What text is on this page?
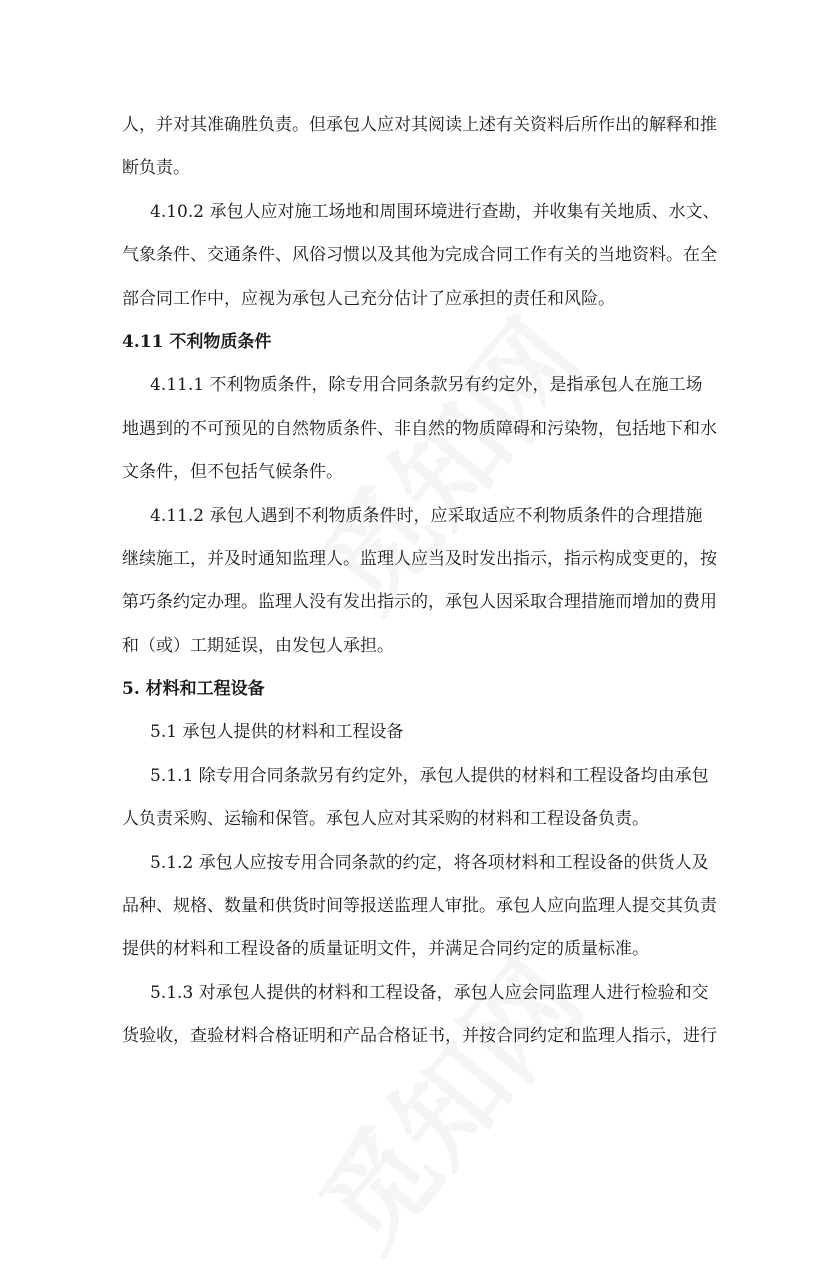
人，并对其准确胜负责。但承包人应对其阅读上述有关资料后所作出的解释和推
断负责。
4.10.2 承包人应对施工场地和周围环境进行查勘，并收集有关地质、水文、
气象条件、交通条件、风俗习惯以及其他为完成合同工作有关的当地资料。在全
部合同工作中，应视为承包人己充分估计了应承担的责任和风险。
4.11 不利物质条件
4.11.1 不利物质条件，除专用合同条款另有约定外，是指承包人在施工场
地遇到的不可预见的自然物质条件、非自然的物质障碍和污染物，包括地下和水
文条件，但不包括气候条件。
4.11.2 承包人遇到不利物质条件时，应采取适应不利物质条件的合理措施
继续施工，并及时通知监理人。监理人应当及时发出指示，指示构成变更的，按
第巧条约定办理。监理人没有发出指示的，承包人因采取合理措施而增加的费用
和（或）工期延误，由发包人承担。
5. 材料和工程设备
5.1 承包人提供的材料和工程设备
5.1.1 除专用合同条款另有约定外，承包人提供的材料和工程设备均由承包
人负责采购、运输和保管。承包人应对其采购的材料和工程设备负责。
5.1.2 承包人应按专用合同条款的约定，将各项材料和工程设备的供货人及
品种、规格、数量和供货时间等报送监理人审批。承包人应向监理人提交其负责
提供的材料和工程设备的质量证明文件，并满足合同约定的质量标准。
5.1.3 对承包人提供的材料和工程设备，承包人应会同监理人进行检验和交
货验收，查验材料合格证明和产品合格证书，并按合同约定和监理人指示，进行
